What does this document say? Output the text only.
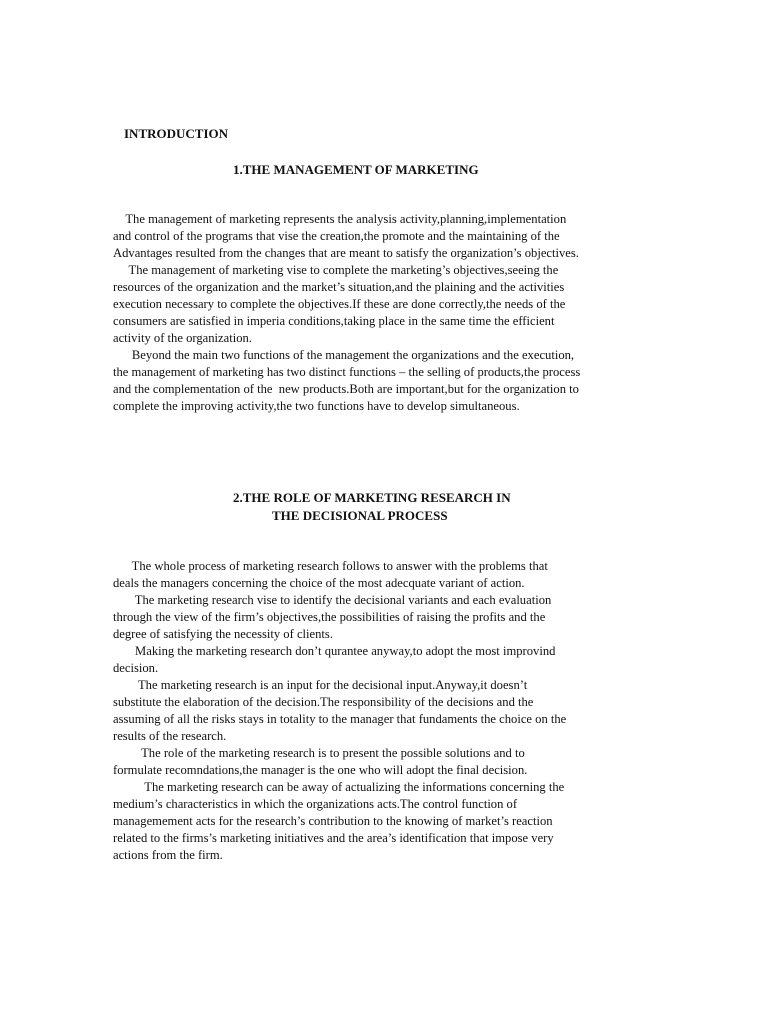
INTRODUCTION
1.THE MANAGEMENT OF MARKETING
The management of marketing represents the analysis activity,planning,implementation
and control of the programs that vise the creation,the promote and the maintaining of the
Advantages resulted from the changes that are meant to satisfy the organization’s objectives.
The management of marketing vise to complete the marketing’s objectives,seeing the
resources of the organization and the market’s situation,and the plaining and the activities
execution necessary to complete the objectives.If these are done correctly,the needs of the
consumers are satisfied in imperia conditions,taking place in the same time the efficient
activity of the organization.
Beyond the main two functions of the management the organizations and the execution,
the management of marketing has two distinct functions – the selling of products,the process
and the complementation of the  new products.Both are important,but for the organization to
complete the improving activity,the two functions have to develop simultaneous.
2.THE ROLE OF MARKETING RESEARCH IN
THE DECISIONAL PROCESS
The whole process of marketing research follows to answer with the problems that
deals the managers concerning the choice of the most adecquate variant of action.
The marketing research vise to identify the decisional variants and each evaluation
through the view of the firm’s objectives,the possibilities of raising the profits and the
degree of satisfying the necessity of clients.
Making the marketing research don’t qurantee anyway,to adopt the most improvind
decision.
The marketing research is an input for the decisional input.Anyway,it doesn’t
substitute the elaboration of the decision.The responsibility of the decisions and the
assuming of all the risks stays in totality to the manager that fundaments the choice on the
results of the research.
The role of the marketing research is to present the possible solutions and to
formulate recomndations,the manager is the one who will adopt the final decision.
The marketing research can be away of actualizing the informations concerning the
medium’s characteristics in which the organizations acts.The control function of
managemement acts for the research’s contribution to the knowing of market’s reaction
related to the firms’s marketing initiatives and the area’s identification that impose very
actions from the firm.
